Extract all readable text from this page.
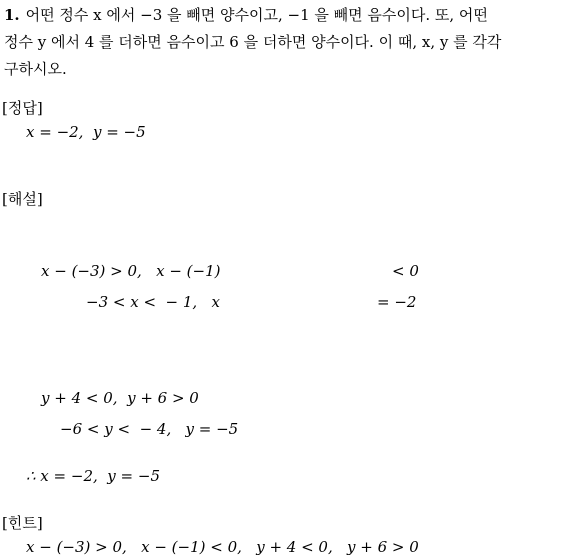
1. 어떤 정수 x 에서 −3 을 빼면 양수이고, −1 을 빼면 음수이다. 또, 어떤
정수 y 에서 4 를 더하면 음수이고 6 을 더하면 양수이다. 이 때, x, y 를 각각
구하시오.
[정답]
x = −2,  y = −5
[해설]
x − (−3) > 0,   x − (−1)	< 0
−3 < x <  − 1,   x	= −2
y + 4 < 0,  y + 6 > 0
−6 < y <  − 4,   y = −5
∴ x = −2,  y = −5
[힌트]
x − (−3) > 0,   x − (−1) < 0,   y + 4 < 0,   y + 6 > 0
